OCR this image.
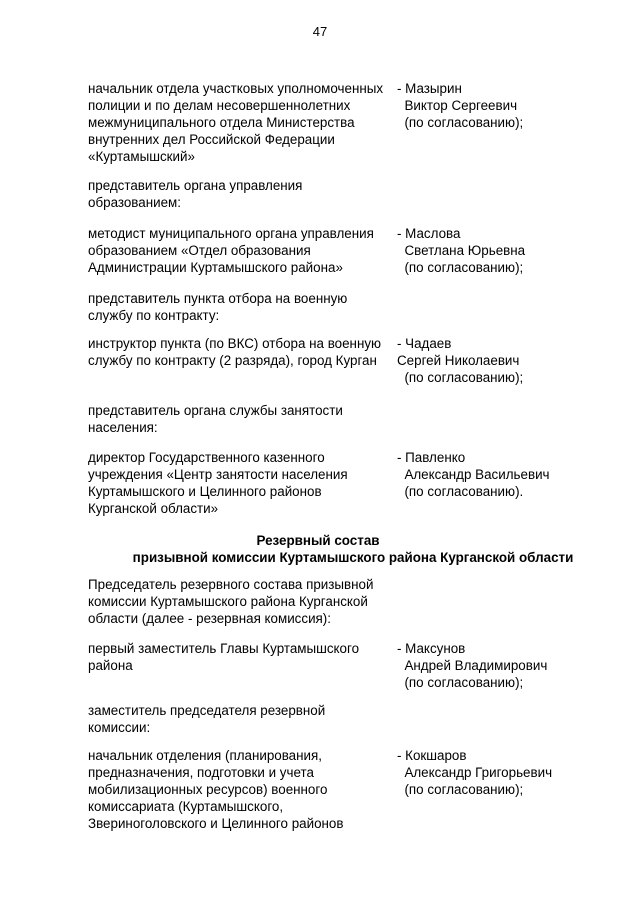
47
начальник отдела участковых уполномоченных
полиции и по делам несовершеннолетних
межмуниципального отдела Министерства
внутренних дел Российской Федерации
«Куртамышский»
- Мазырин
Виктор Сергеевич
(по согласованию);
представитель органа управления
образованием:
методист муниципального органа управления
образованием «Отдел образования
Администрации Куртамышского района»
- Маслова
Светлана Юрьевна
(по согласованию);
представитель пункта отбора на военную
службу по контракту:
инструктор пункта (по ВКС) отбора на военную
службу по контракту (2 разряда), город Курган
- Чадаев
Сергей Николаевич
(по согласованию);
представитель органа службы занятости
населения:
директор Государственного казенного
учреждения «Центр занятости населения
Куртамышского и Целинного районов
Курганской области»
- Павленко
Александр Васильевич
(по согласованию).
Резервный состав
призывной комиссии Куртамышского района Курганской области
Председатель резервного состава призывной
комиссии Куртамышского района Курганской
области (далее - резервная комиссия):
первый заместитель Главы Куртамышского
района
- Максунов
Андрей Владимирович
(по согласованию);
заместитель председателя резервной
комиссии:
начальник отделения (планирования,
предназначения, подготовки и учета
мобилизационных ресурсов) военного
комиссариата (Куртамышского,
Звериноголовского и Целинного районов
- Кокшаров
Александр Григорьевич
(по согласованию);
